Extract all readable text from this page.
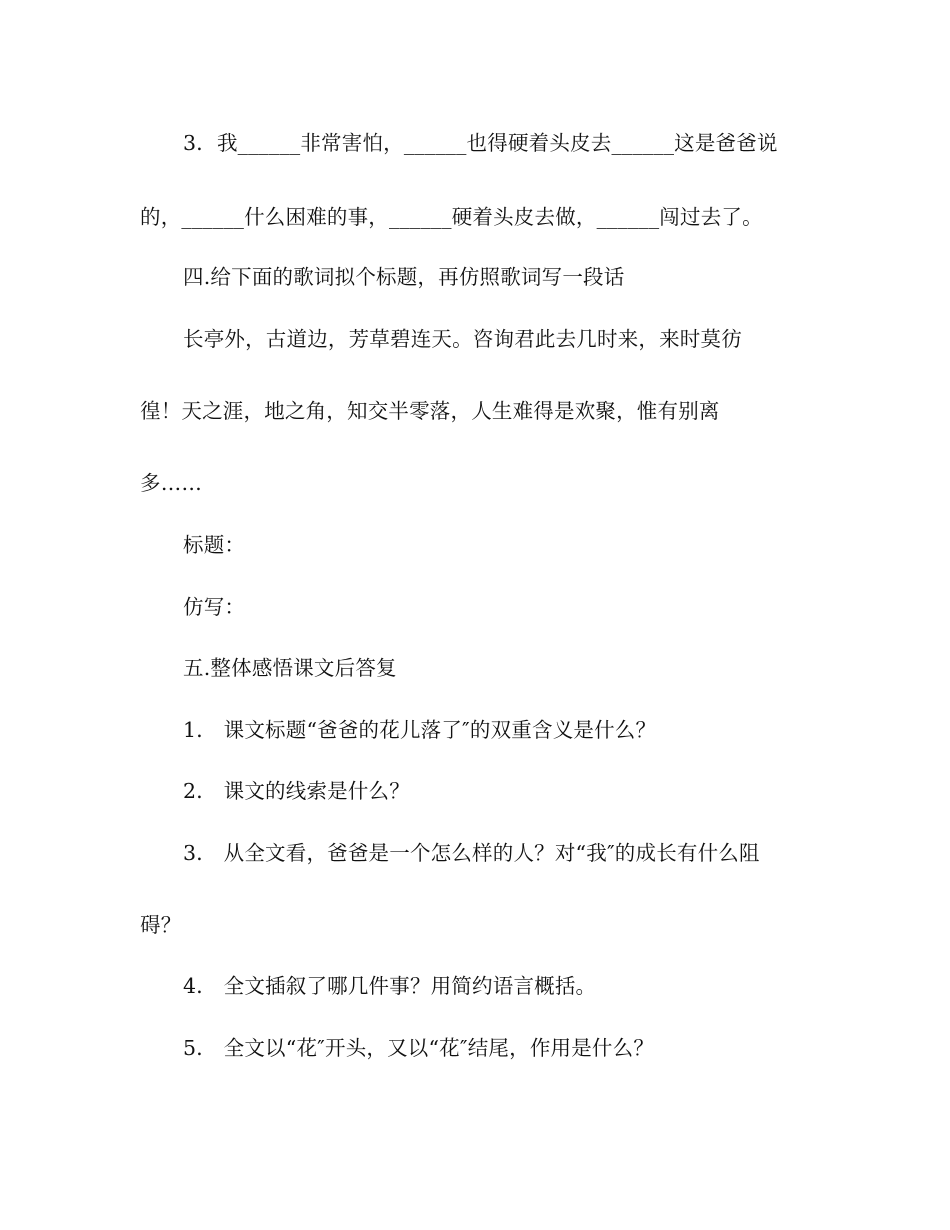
3．我______非常害怕，______也得硬着头皮去______这是爸爸说
的，______什么困难的事，______硬着头皮去做，______闯过去了。
四.给下面的歌词拟个标题，再仿照歌词写一段话
长亭外，古道边，芳草碧连天。咨询君此去几时来，来时莫彷
徨！天之涯，地之角，知交半零落，人生难得是欢聚，惟有别离
多……
标题：
仿写：
五.整体感悟课文后答复
1． 课文标题“爸爸的花儿落了″的双重含义是什么？
2． 课文的线索是什么？
3． 从全文看，爸爸是一个怎么样的人？对“我″的成长有什么阻
碍？
4． 全文插叙了哪几件事？用简约语言概括。
5． 全文以“花″开头，又以“花″结尾，作用是什么？
